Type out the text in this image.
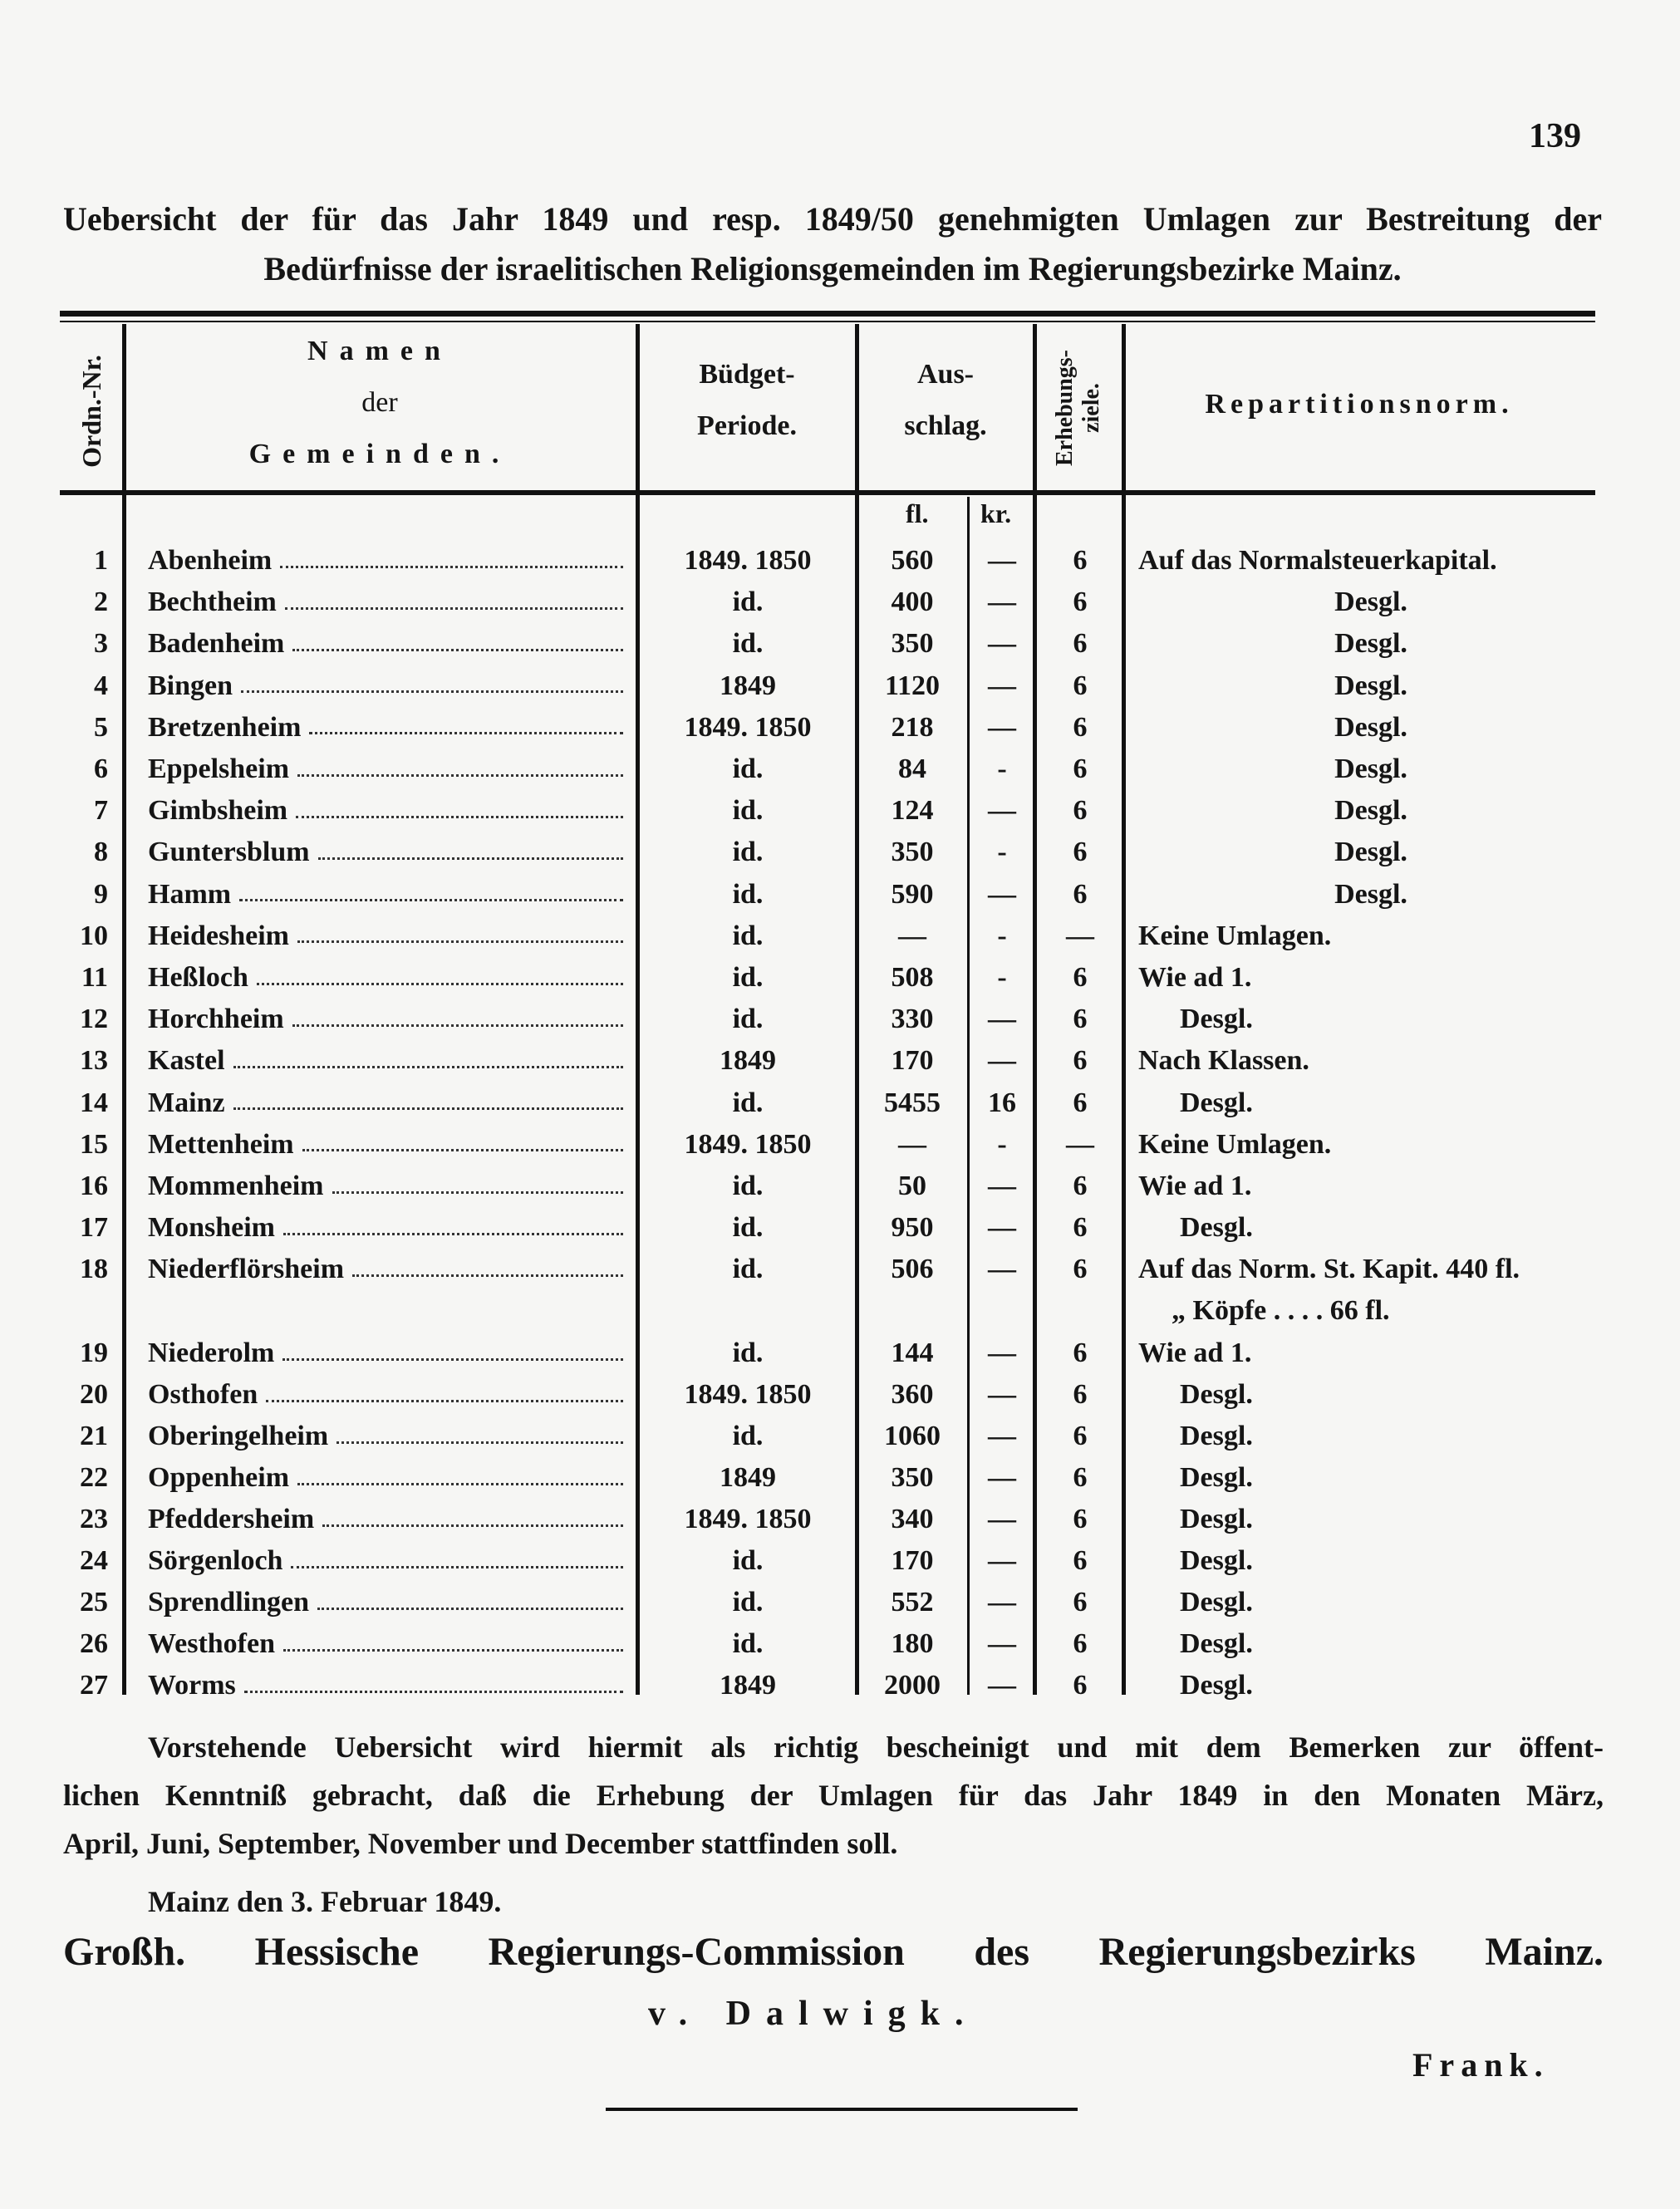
139
Uebersicht der für das Jahr 1849 und resp. 1849/50 genehmigten Umlagen zur Bestreitung der
Bedürfnisse der israelitischen Religionsgemeinden im Regierungsbezirke Mainz.
Ordn.-Nr.
Namen
der
Gemeinden.
Büdget-
Periode.
Aus-
schlag.	Erhebungs-ziele.	Repartitionsnorm.
fl. kr.
1 Abenheim	1849. 1850	560	—	6	Auf das Normalsteuerkapital.
2 Bechtheim	id.	400	—	6	Desgl.
3 Badenheim	id.	350	—	6	Desgl.
4 Bingen	1849	1120	—	6	Desgl.
5 Bretzenheim	1849. 1850	218	—	6	Desgl.
6 Eppelsheim	id.	84	-	6	Desgl.
7 Gimbsheim	id.	124	—	6	Desgl.
8 Guntersblum	id.	350	-	6	Desgl.
9 Hamm	id.	590	—	6	Desgl.
10 Heidesheim	id.	—	-	—	Keine Umlagen.
11 Heßloch	id.	508	-	6	Wie ad 1.
12 Horchheim	id.	330	—	6	Desgl.
13 Kastel	1849	170	—	6	Nach Klassen.
14 Mainz	id.	5455	16	6	Desgl.
15 Mettenheim	1849. 1850	—	-	—	Keine Umlagen.
16 Mommenheim	id.	50	—	6	Wie ad 1.
17 Monsheim	id.	950	—	6	Desgl.
18 Niederflörsheim	id.	506	—	6	Auf das Norm. St. Kapit. 440 fl.
„ Köpfe . . . . 66 fl.
19 Niederolm	id.	144	—	6	Wie ad 1.
20 Osthofen	1849. 1850	360	—	6	Desgl.
21 Oberingelheim	id.	1060	—	6	Desgl.
22 Oppenheim	1849	350	—	6	Desgl.
23 Pfeddersheim	1849. 1850	340	—	6	Desgl.
24 Sörgenloch	id.	170	—	6	Desgl.
25 Sprendlingen	id.	552	—	6	Desgl.
26 Westhofen	id.	180	—	6	Desgl.
27 Worms	1849	2000	—	6	Desgl.
Vorstehende Uebersicht wird hiermit als richtig bescheinigt und mit dem Bemerken zur öffent-
lichen Kenntniß gebracht, daß die Erhebung der Umlagen für das Jahr 1849 in den Monaten März,
April, Juni, September, November und December stattfinden soll.
Mainz den 3. Februar 1849.
Großh. Hessische Regierungs-Commission des Regierungsbezirks Mainz.
v. Dalwigk.
Frank.
